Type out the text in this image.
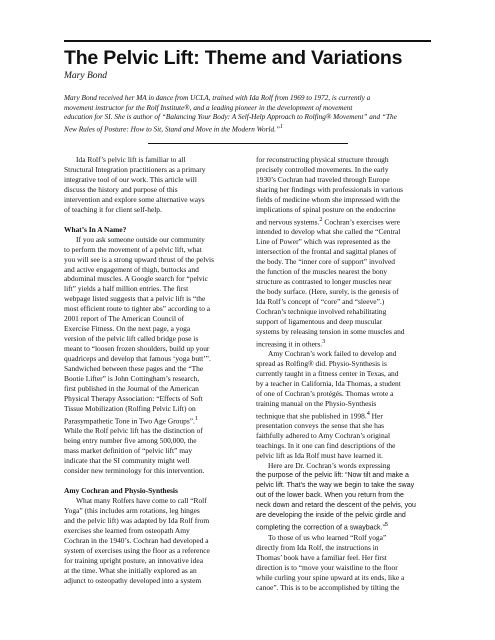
The Pelvic Lift: Theme and Variations
Mary Bond
Mary Bond received her MA in dance from UCLA, trained with Ida Rolf from 1969 to 1972, is currently a
movement instructor for the Rolf Institute®, and a leading pioneer in the development of movement
education for SI. She is author of “Balancing Your Body: A Self-Help Approach to Rolfing® Movement” and “The
New Rules of Posture: How to Sit, Stand and Move in the Modern World.”$^1$
Ida Rolf’s pelvic lift is familiar to all
Structural Integration practitioners as a primary
integrative tool of our work. This article will
discuss the history and purpose of this
intervention and explore some alternative ways
of teaching it for client self-help.
What’s In A Name?
If you ask someone outside our community
to perform the movement of a pelvic lift, what
you will see is a strong upward thrust of the pelvis
and active engagement of thigh, buttocks and
abdominal muscles. A Google search for “pelvic
lift” yields a half million entries. The first
webpage listed suggests that a pelvic lift is “the
most efficient route to tighter abs” according to a
2001 report of The American Council of
Exercise Fitness. On the next page, a yoga
version of the pelvic lift called bridge pose is
meant to “loosen frozen shoulders, build up your
quadriceps and develop that famous ‘yoga butt’”.
Sandwiched between these pages and the “The
Bootie Lifter” is John Cottingham’s research,
first published in the Journal of the American
Physical Therapy Association: “Effects of Soft
Tissue Mobilization (Rolfing Pelvic Lift) on
Parasympathetic Tone in Two Age Groups”.$^1$
While the Rolf pelvic lift has the distinction of
being entry number five among 500,000, the
mass market definition of “pelvic lift” may
indicate that the SI community might well
consider new terminology for this intervention.
Amy Cochran and Physio-Synthesis
What many Rolfers have come to call “Rolf
Yoga” (this includes arm rotations, leg hinges
and the pelvic lift) was adapted by Ida Rolf from
exercises she learned from osteopath Amy
Cochran in the 1940’s. Cochran had developed a
system of exercises using the floor as a reference
for training upright posture, an innovative idea
at the time. What she initially explored as an
adjunct to osteopathy developed into a system
for reconstructing physical structure through
precisely controlled movements. In the early
1930’s Cochran had traveled through Europe
sharing her findings with professionals in various
fields of medicine whom she impressed with the
implications of spinal posture on the endocrine
and nervous systems.$^2$ Cochran’s exercises were
intended to develop what she called the “Central
Line of Power” which was represented as the
intersection of the frontal and sagittal planes of
the body. The “inner core of support” involved
the function of the muscles nearest the bony
structure as contrasted to longer muscles near
the body surface. (Here, surely, is the genesis of
Ida Rolf’s concept of “core” and “sleeve”.)
Cochran’s technique involved rehabilitating
support of ligamentous and deep muscular
systems by releasing tension in some muscles and
increasing it in others.$^3$
Amy Cochran’s work failed to develop and
spread as Rolfing® did. Physio-Synthesis is
currently taught in a fitness center in Texas, and
by a teacher in California, Ida Thomas, a student
of one of Cochran’s protégés. Thomas wrote a
training manual on the Physio-Synthesis
technique that she published in 1998.$^4$ Her
presentation conveys the sense that she has
faithfully adhered to Amy Cochran’s original
teachings. In it one can find descriptions of the
pelvic lift as Ida Rolf must have learned it.
Here are Dr. Cochran’s words expressing
the purpose of the pelvic lift: “Now tilt and make a
pelvic lift. That’s the way we begin to take the sway
out of the lower back. When you return from the
neck down and retard the descent of the pelvis, you
are developing the inside of the pelvic girdle and
completing the correction of a swayback.”$^5$
To those of us who learned “Rolf yoga”
directly from Ida Rolf, the instructions in
Thomas’ book have a familiar feel. Her first
direction is to “move your waistline to the floor
while curling your spine upward at its ends, like a
canoe”. This is to be accomplished by tilting the
